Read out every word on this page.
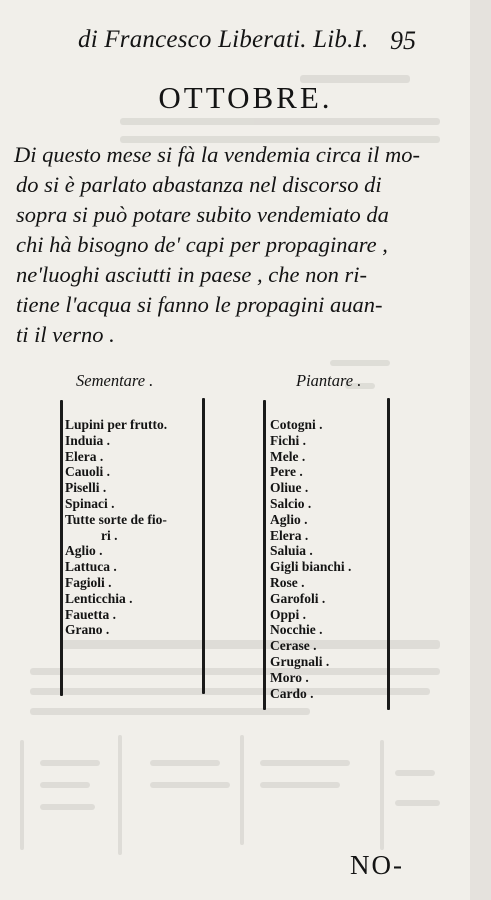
di Francesco Liberati. Lib.I. 95
OTTOBRE.
Di questo mese si fà la vendemia circa il mo-
do si è parlato abastanza nel discorso di
sopra si può potare subito vendemiato da
chi hà bisogno de' capi per propaginare ,
ne'luoghi asciutti in paese , che non ri-
tiene l'acqua si fanno le propagini auan-
ti il verno .
Sementare .	Piantare .
Lupini per frutto.
Induia .
Elera .
Cauoli .
Piselli .
Spinaci .
Tutte sorte de fio-
ri .
Aglio .
Lattuca .
Fagioli .
Lenticchia .
Fauetta .
Grano .
Cotogni .
Fichi .
Mele .
Pere .
Oliue .
Salcio .
Aglio .
Elera .
Saluia .
Gigli bianchi .
Rose .
Garofoli .
Oppi .
Nocchie .
Cerase .
Grugnali .
Moro .
Cardo .
NO-
